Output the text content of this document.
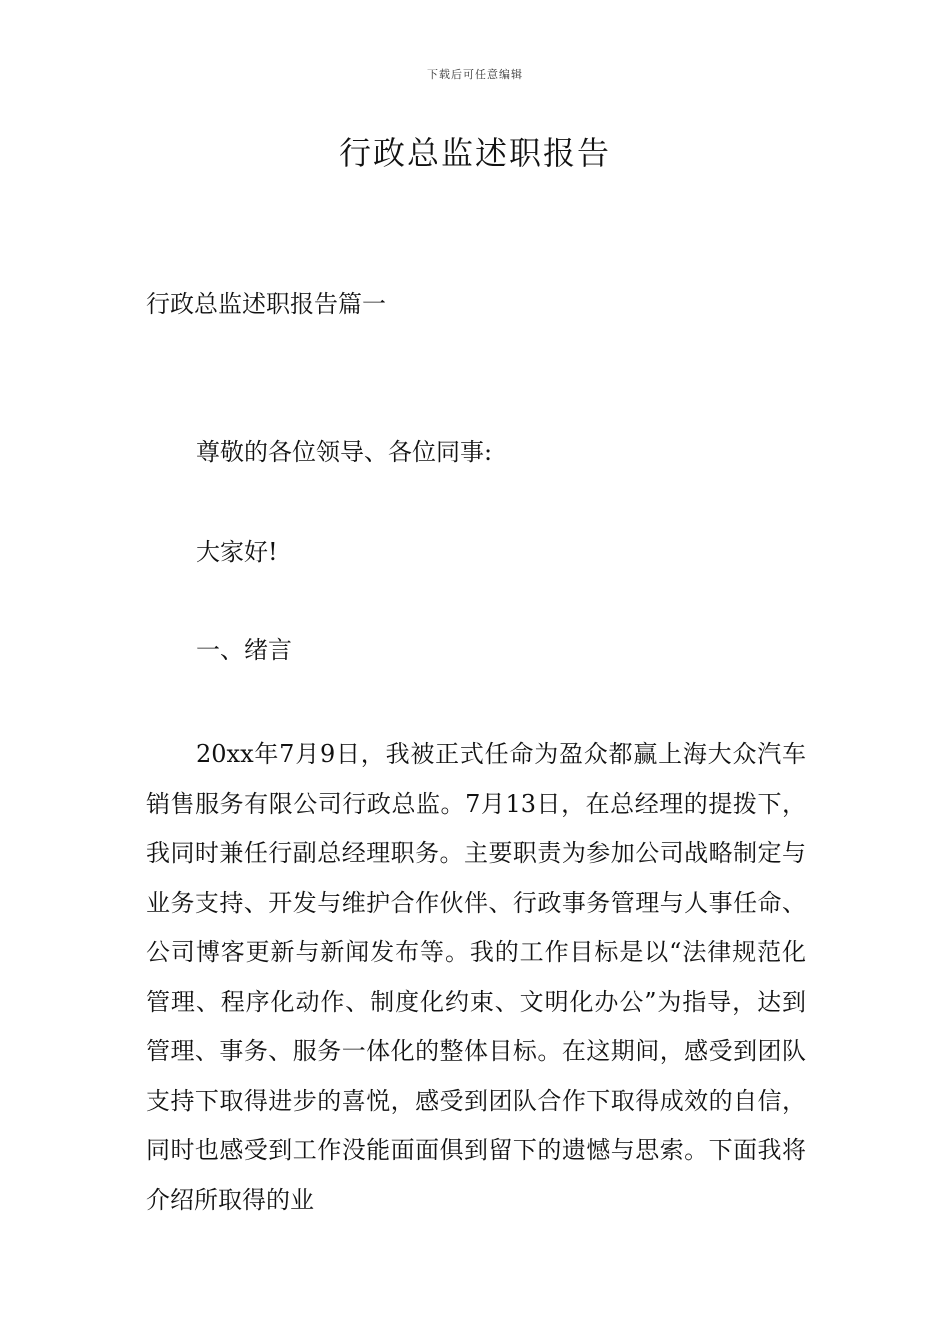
下载后可任意编辑
行政总监述职报告
行政总监述职报告篇一
尊敬的各位领导、各位同事:
大家好!
一、绪言
20xx年7月9日，我被正式任命为盈众都赢上海大众汽车销售服务有限公司行政总监。7月13日，在总经理的提拨下，我同时兼任行副总经理职务。主要职责为参加公司战略制定与业务支持、开发与维护合作伙伴、行政事务管理与人事任命、公司博客更新与新闻发布等。我的工作目标是以“法律规范化管理、程序化动作、制度化约束、文明化办公”为指导，达到管理、事务、服务一体化的整体目标。在这期间，感受到团队支持下取得进步的喜悦，感受到团队合作下取得成效的自信，同时也感受到工作没能面面俱到留下的遗憾与思索。下面我将介绍所取得的业
